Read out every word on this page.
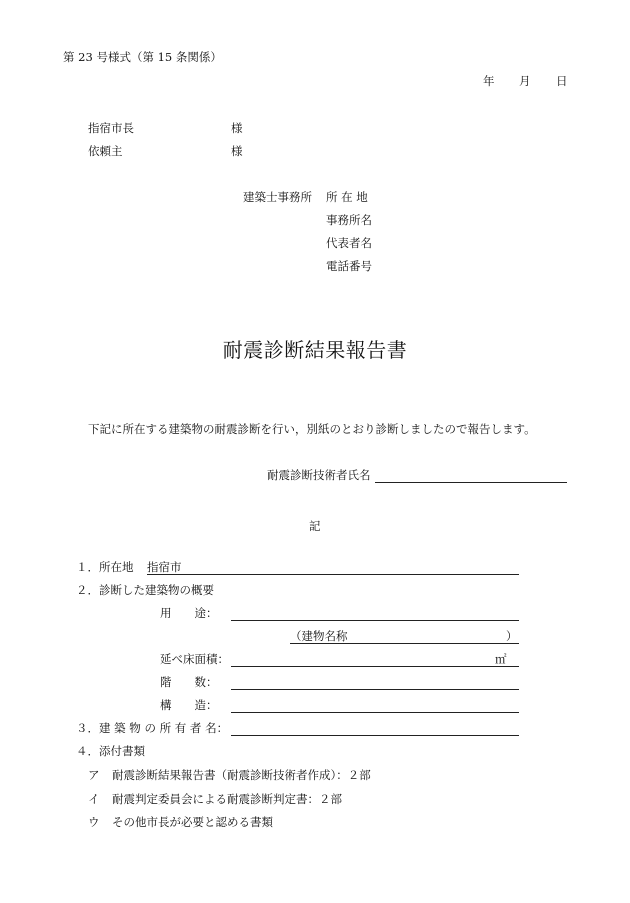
第 23 号様式（第 15 条関係）
年 月 日
指宿市長	様
依頼主	様
建築士事務所 所 在 地
事務所名
代表者名
電話番号
耐震診断結果報告書
下記に所在する建築物の耐震診断を行い，別紙のとおり診断しましたので報告します。
耐震診断技術者氏名
記
１．所在地 指宿市
２．診断した建築物の概要
用　　途：
（建物名称	）
延べ床面積：	㎡
階　　数：
構　　造：
３．建 築 物 の 所 有 者 名：
４．添付書類
ア 耐震診断結果報告書（耐震診断技術者作成）：２部
イ 耐震判定委員会による耐震診断判定書：２部
ウ その他市長が必要と認める書類
